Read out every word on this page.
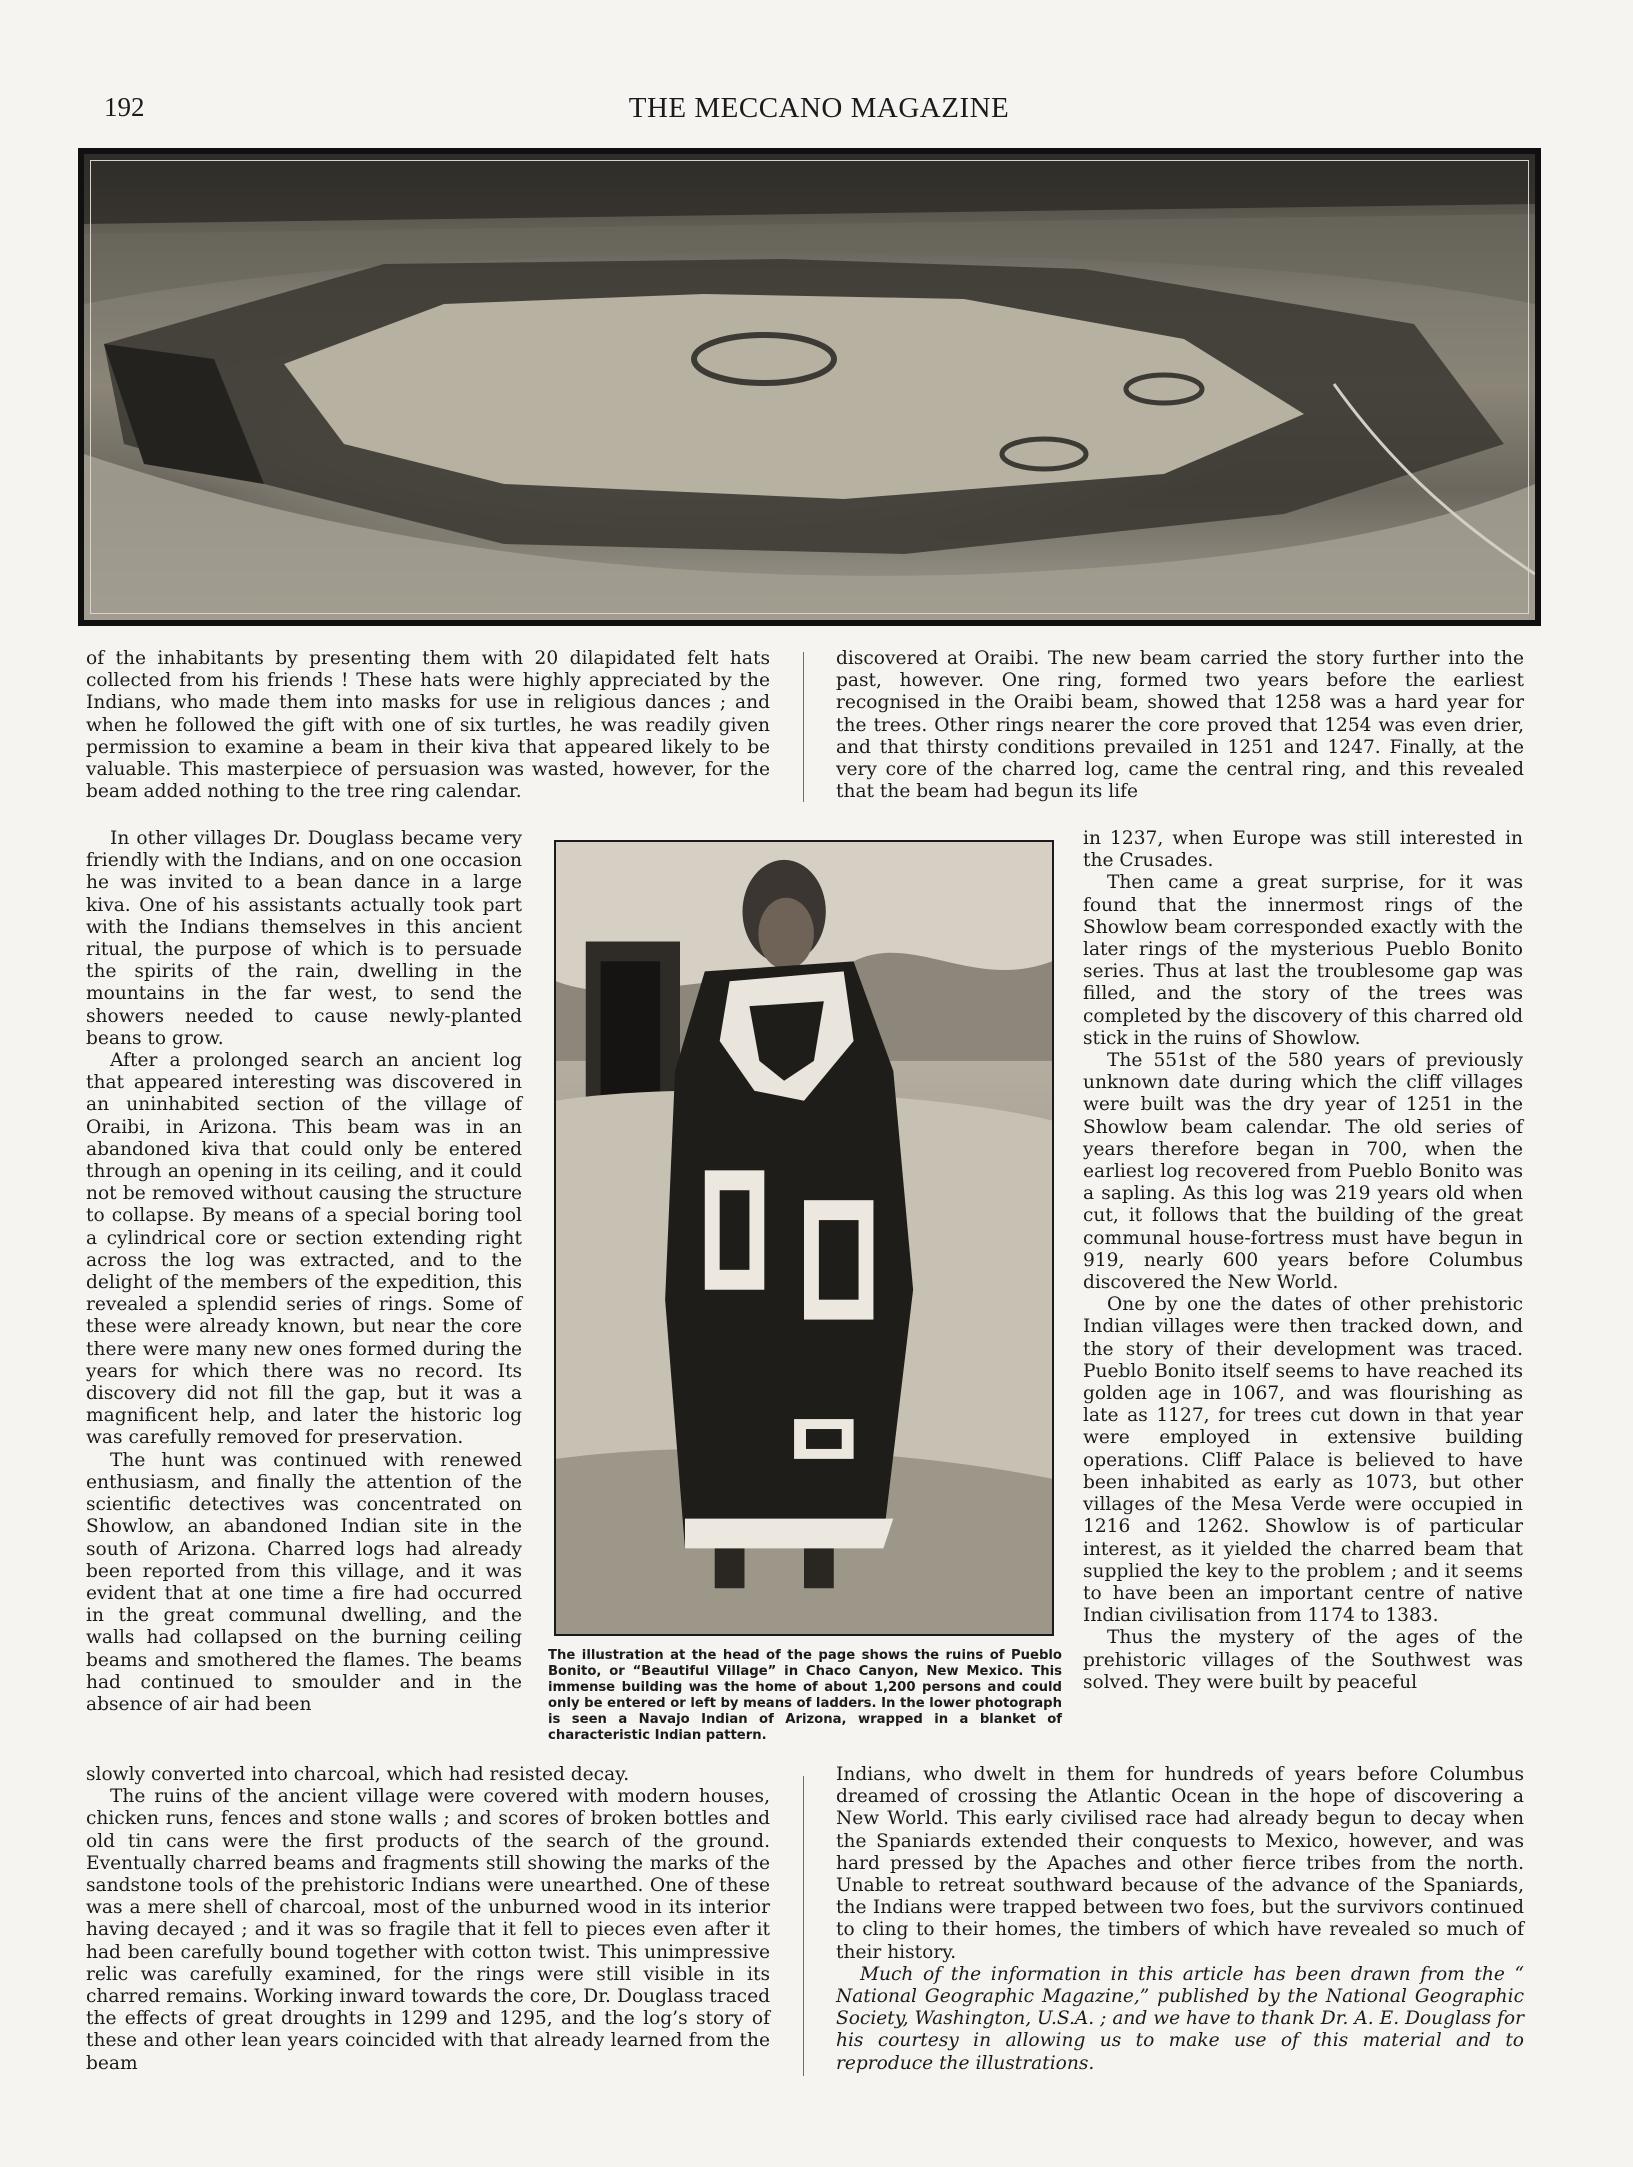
192	THE MECCANO MAGAZINE

of the inhabitants by presenting them with 20 dilapidated felt hats collected from his friends ! These hats were highly appreciated by the Indians, who made them into masks for use in religious dances ; and when he followed the gift with one of six turtles, he was readily given permission to examine a beam in their kiva that appeared likely to be valuable. This masterpiece of persuasion was wasted, however, for the beam added nothing to the tree ring calendar.

In other villages Dr. Douglass became very friendly with the Indians, and on one occasion he was invited to a bean dance in a large kiva. One of his assistants actually took part with the Indians themselves in this ancient ritual, the purpose of which is to persuade the spirits of the rain, dwelling in the mountains in the far west, to send the showers needed to cause newly-planted beans to grow.

After a prolonged search an ancient log that appeared interesting was discovered in an uninhabited section of the village of Oraibi, in Arizona. This beam was in an abandoned kiva that could only be entered through an opening in its ceiling, and it could not be removed without causing the structure to collapse. By means of a special boring tool a cylindrical core or section extending right across the log was extracted, and to the delight of the members of the expedition, this revealed a splendid series of rings. Some of these were already known, but near the core there were many new ones formed during the years for which there was no record. Its discovery did not fill the gap, but it was a magnificent help, and later the historic log was carefully removed for preservation.

The hunt was continued with renewed enthusiasm, and finally the attention of the scientific detectives was concentrated on Showlow, an abandoned Indian site in the south of Arizona. Charred logs had already been reported from this village, and it was evident that at one time a fire had occurred in the great communal dwelling, and the walls had collapsed on the burning ceiling beams and smothered the flames. The beams had continued to smoulder and in the absence of air had been

slowly converted into charcoal, which had resisted decay.

The ruins of the ancient village were covered with modern houses, chicken runs, fences and stone walls ; and scores of broken bottles and old tin cans were the first products of the search of the ground. Eventually charred beams and fragments still showing the marks of the sandstone tools of the prehistoric Indians were unearthed. One of these was a mere shell of charcoal, most of the unburned wood in its interior having decayed ; and it was so fragile that it fell to pieces even after it had been carefully bound together with cotton twist. This unimpressive relic was carefully examined, for the rings were still visible in its charred remains. Working inward towards the core, Dr. Douglass traced the effects of great droughts in 1299 and 1295, and the log’s story of these and other lean years coincided with that already learned from the beam

discovered at Oraibi. The new beam carried the story further into the past, however. One ring, formed two years before the earliest recognised in the Oraibi beam, showed that 1258 was a hard year for the trees. Other rings nearer the core proved that 1254 was even drier, and that thirsty conditions prevailed in 1251 and 1247. Finally, at the very core of the charred log, came the central ring, and this revealed that the beam had begun its life

in 1237, when Europe was still interested in the Crusades.

Then came a great surprise, for it was found that the innermost rings of the Showlow beam corresponded exactly with the later rings of the mysterious Pueblo Bonito series. Thus at last the troublesome gap was filled, and the story of the trees was completed by the discovery of this charred old stick in the ruins of Showlow.

The 551st of the 580 years of previously unknown date during which the cliff villages were built was the dry year of 1251 in the Showlow beam calendar. The old series of years therefore began in 700, when the earliest log recovered from Pueblo Bonito was a sapling. As this log was 219 years old when cut, it follows that the building of the great communal house-fortress must have begun in 919, nearly 600 years before Columbus discovered the New World.

One by one the dates of other prehistoric Indian villages were then tracked down, and the story of their development was traced. Pueblo Bonito itself seems to have reached its golden age in 1067, and was flourishing as late as 1127, for trees cut down in that year were employed in extensive building operations. Cliff Palace is believed to have been inhabited as early as 1073, but other villages of the Mesa Verde were occupied in 1216 and 1262. Showlow is of particular interest, as it yielded the charred beam that supplied the key to the problem ; and it seems to have been an important centre of native Indian civilisation from 1174 to 1383.

Thus the mystery of the ages of the prehistoric villages of the Southwest was solved. They were built by peaceful

Indians, who dwelt in them for hundreds of years before Columbus dreamed of crossing the Atlantic Ocean in the hope of discovering a New World. This early civilised race had already begun to decay when the Spaniards extended their conquests to Mexico, however, and was hard pressed by the Apaches and other fierce tribes from the north. Unable to retreat southward because of the advance of the Spaniards, the Indians were trapped between two foes, but the survivors continued to cling to their homes, the timbers of which have revealed so much of their history.

Much of the information in this article has been drawn from the “ National Geographic Magazine,” published by the National Geographic Society, Washington, U.S.A. ; and we have to thank Dr. A. E. Douglass for his courtesy in allowing us to make use of this material and to reproduce the illustrations.

The illustration at the head of the page shows the ruins of Pueblo Bonito, or “Beautiful Village” in Chaco Canyon, New Mexico. This immense building was the home of about 1,200 persons and could only be entered or left by means of ladders. In the lower photograph is seen a Navajo Indian of Arizona, wrapped in a blanket of characteristic Indian pattern.
